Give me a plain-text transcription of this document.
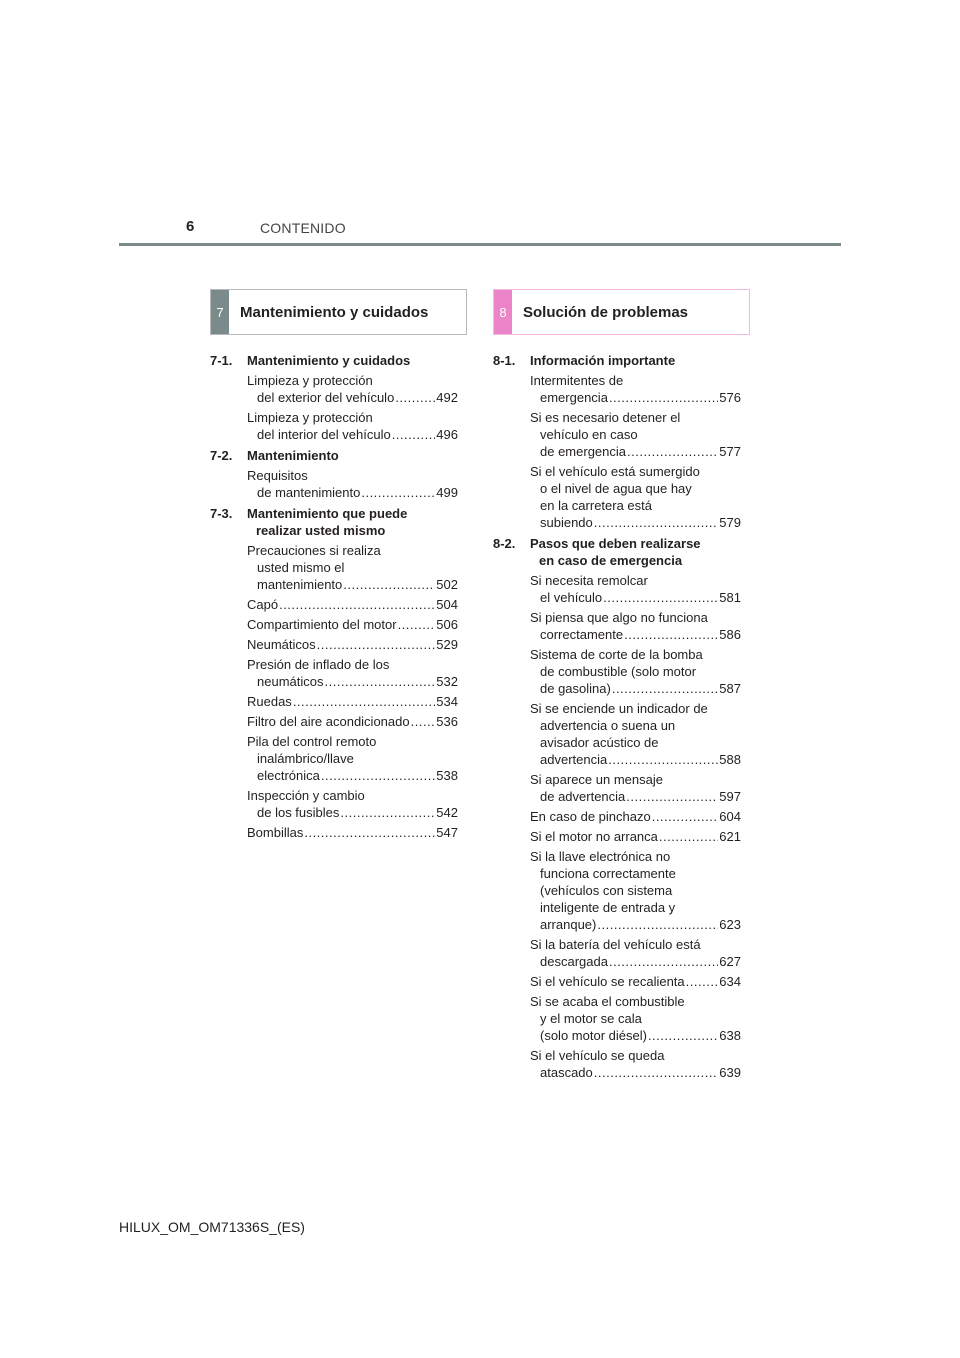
6	CONTENIDO
7	Mantenimiento y cuidados	8	Solución de problemas
7-1.	Mantenimiento y cuidados
Limpieza y protección
del exterior del vehículo .....	492
Limpieza y protección
del interior del vehículo .....	496
7-2.	Mantenimiento
Requisitos
de mantenimiento .....	499
7-3.	Mantenimiento que puede
realizar usted mismo
Precauciones si realiza
usted mismo el
mantenimiento .....	502
Capó .....	504
Compartimiento del motor .....	506
Neumáticos .....	529
Presión de inflado de los
neumáticos .....	532
Ruedas .....	534
Filtro del aire acondicionado ..... 536
Pila del control remoto
inalámbrico/llave
electrónica .....	538
Inspección y cambio
de los fusibles .....	542
Bombillas .....	547
8-1.	Información importante
Intermitentes de
emergencia .....	576
Si es necesario detener el
vehículo en caso
de emergencia .....	577
Si el vehículo está sumergido
o el nivel de agua que hay
en la carretera está
subiendo .....	579
8-2.	Pasos que deben realizarse
en caso de emergencia
Si necesita remolcar
el vehículo .....	581
Si piensa que algo no funciona
correctamente .....	586
Sistema de corte de la bomba
de combustible (solo motor
de gasolina) .....	587
Si se enciende un indicador de
advertencia o suena un
avisador acústico de
advertencia .....	588
Si aparece un mensaje
de advertencia .....	597
En caso de pinchazo .....	604
Si el motor no arranca .....	621
Si la llave electrónica no
funciona correctamente
(vehículos con sistema
inteligente de entrada y
arranque) .....	623
Si la batería del vehículo está
descargada .....	627
Si el vehículo se recalienta .....	634
Si se acaba el combustible
y el motor se cala
(solo motor diésel) .....	638
Si el vehículo se queda
atascado .....	639
HILUX_OM_OM71336S_(ES)
